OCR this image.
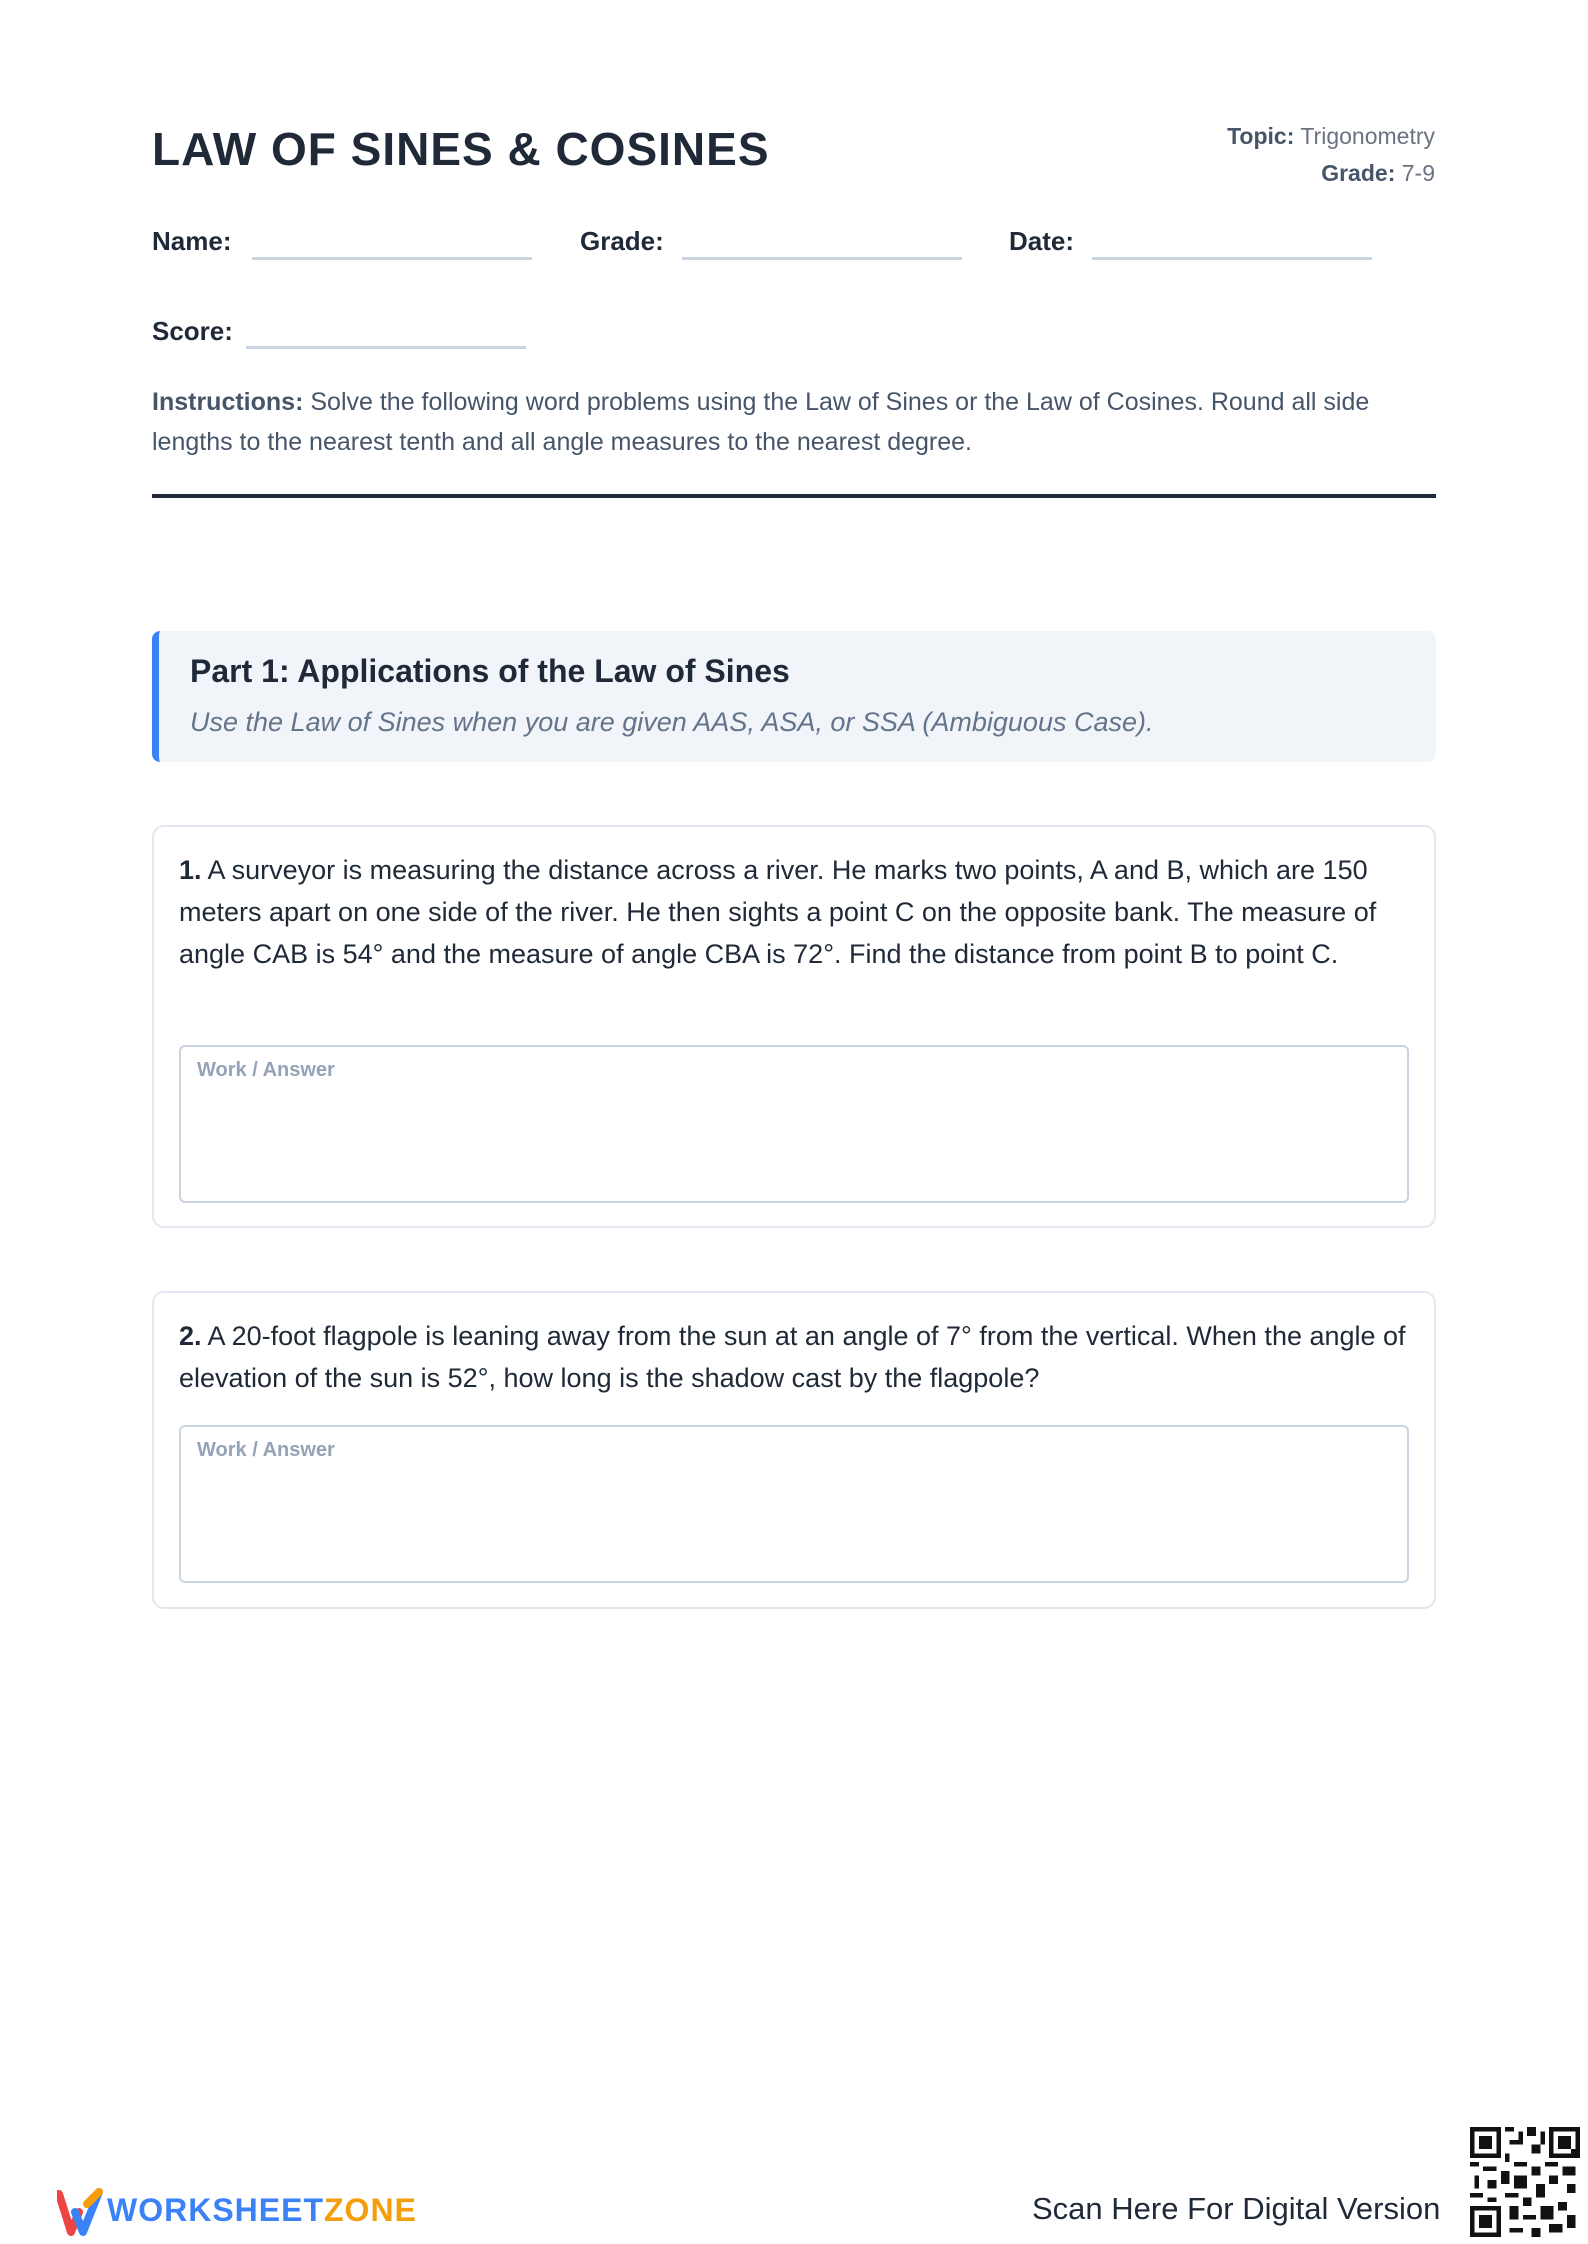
LAW OF SINES & COSINES	Topic: Trigonometry
Grade: 7-9
Name:	Grade:	Date:
Score:
Instructions: Solve the following word problems using the Law of Sines or the Law of Cosines. Round all side lengths to the nearest tenth and all angle measures to the nearest degree.
Part 1: Applications of the Law of Sines
Use the Law of Sines when you are given AAS, ASA, or SSA (Ambiguous Case).
1. A surveyor is measuring the distance across a river. He marks two points, A and B, which are 150 meters apart on one side of the river. He then sights a point C on the opposite bank. The measure of angle CAB is 54° and the measure of angle CBA is 72°. Find the distance from point B to point C.
Work / Answer
2. A 20-foot flagpole is leaning away from the sun at an angle of 7° from the vertical. When the angle of elevation of the sun is 52°, how long is the shadow cast by the flagpole?
Work / Answer
WORKSHEETZONE	Scan Here For Digital Version
